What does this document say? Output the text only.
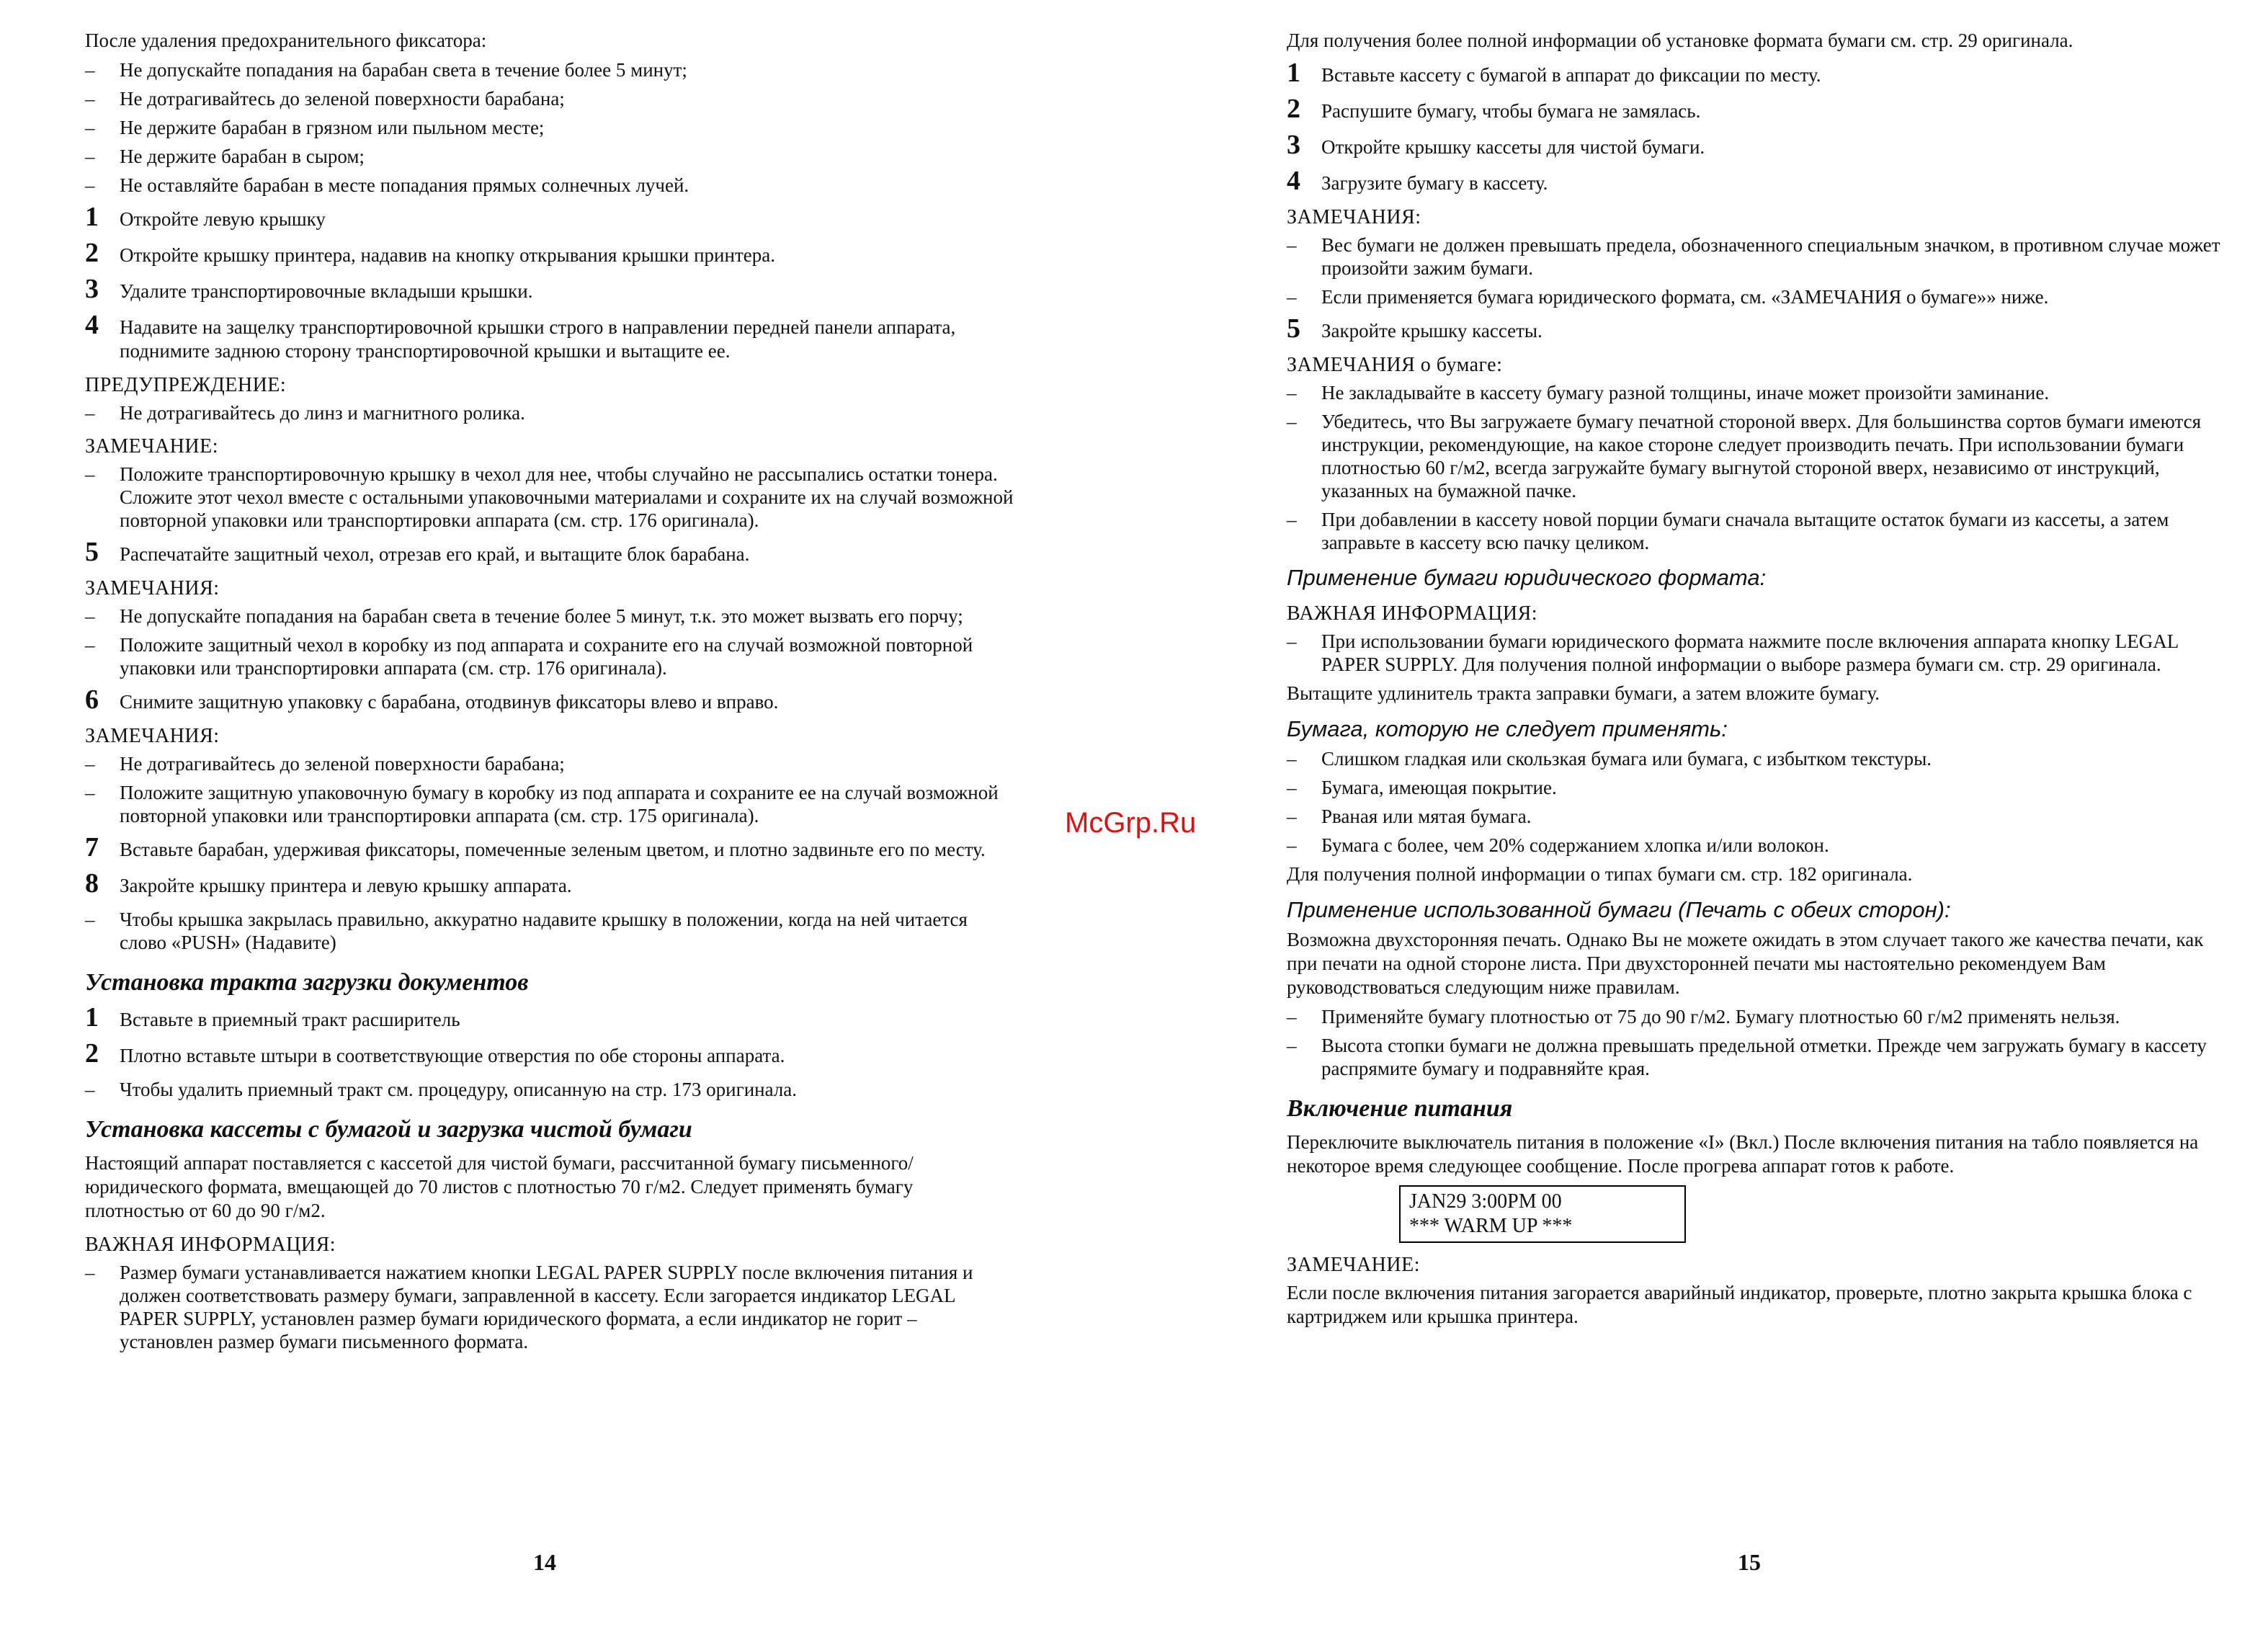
После удаления предохранительного фиксатора:
–	Не допускайте попадания на барабан света в течение более 5 минут;
–	Не дотрагивайтесь до зеленой поверхности барабана;
–	Не держите барабан в грязном или пыльном месте;
–	Не держите барабан в сыром;
–	Не оставляйте барабан в месте попадания прямых солнечных лучей.
1	Откройте левую крышку
2	Откройте крышку принтера, надавив на кнопку открывания крышки принтера.
3	Удалите транспортировочные вкладыши крышки.
4	Надавите на защелку транспортировочной крышки строго в направлении передней панели аппарата, поднимите заднюю сторону транспортировочной крышки и вытащите ее.
ПРЕДУПРЕЖДЕНИЕ:
–	Не дотрагивайтесь до линз и магнитного ролика.
ЗАМЕЧАНИЕ:
–	Положите транспортировочную крышку в чехол для нее, чтобы случайно не рассыпались остатки тонера. Сложите этот чехол вместе с остальными упаковочными материалами и сохраните их на случай возможной повторной упаковки или транспортировки аппарата (см. стр. 176 оригинала).
5	Распечатайте защитный чехол, отрезав его край, и вытащите блок барабана.
ЗАМЕЧАНИЯ:
–	Не допускайте попадания на барабан света в течение более 5 минут, т.к. это может вызвать его порчу;
–	Положите защитный чехол в коробку из под аппарата и сохраните его на случай возможной повторной упаковки или транспортировки аппарата (см. стр. 176 оригинала).
6	Снимите защитную упаковку с барабана, отодвинув фиксаторы влево и вправо.
ЗАМЕЧАНИЯ:
–	Не дотрагивайтесь до зеленой поверхности барабана;
–	Положите защитную упаковочную бумагу в коробку из под аппарата и сохраните ее на случай возможной повторной упаковки или транспортировки аппарата (см. стр. 175 оригинала).
7	Вставьте барабан, удерживая фиксаторы, помеченные зеленым цветом, и плотно задвиньте его по месту.
8	Закройте крышку принтера и левую крышку аппарата.
–	Чтобы крышка закрылась правильно, аккуратно надавите крышку в положении, когда на ней читается слово «PUSH» (Надавите)
Установка тракта загрузки документов
1	Вставьте в приемный тракт расширитель
2	Плотно вставьте штыри в соответствующие отверстия по обе стороны аппарата.
–	Чтобы удалить приемный тракт см. процедуру, описанную на стр. 173 оригинала.
Установка кассеты с бумагой и загрузка чистой бумаги
Настоящий аппарат поставляется с кассетой для чистой бумаги, рассчитанной бумагу письменного/юридического формата, вмещающей до 70 листов с плотностью 70 г/м2. Следует применять бумагу плотностью от 60 до 90 г/м2.
ВАЖНАЯ ИНФОРМАЦИЯ:
–	Размер бумаги устанавливается нажатием кнопки LEGAL PAPER SUPPLY после включения питания и должен соответствовать размеру бумаги, заправленной в кассету. Если загорается индикатор LEGAL PAPER SUPPLY, установлен размер бумаги юридического формата, а если индикатор не горит – установлен размер бумаги письменного формата.
14
McGrp.Ru
Для получения более полной информации об установке формата бумаги см. стр. 29 оригинала.
1	Вставьте кассету с бумагой в аппарат до фиксации по месту.
2	Распушите бумагу, чтобы бумага не замялась.
3	Откройте крышку кассеты для чистой бумаги.
4	Загрузите бумагу в кассету.
ЗАМЕЧАНИЯ:
–	Вес бумаги не должен превышать предела, обозначенного специальным значком, в противном случае может произойти зажим бумаги.
–	Если применяется бумага юридического формата, см. «ЗАМЕЧАНИЯ о бумаге»» ниже.
5	Закройте крышку кассеты.
ЗАМЕЧАНИЯ о бумаге:
–	Не закладывайте в кассету бумагу разной толщины, иначе может произойти заминание.
–	Убедитесь, что Вы загружаете бумагу печатной стороной вверх. Для большинства сортов бумаги имеются инструкции, рекомендующие, на какое стороне следует производить печать. При использовании бумаги плотностью 60 г/м2, всегда загружайте бумагу выгнутой стороной вверх, независимо от инструкций, указанных на бумажной пачке.
–	При добавлении в кассету новой порции бумаги сначала вытащите остаток бумаги из кассеты, а затем заправьте в кассету всю пачку целиком.
Применение бумаги юридического формата:
ВАЖНАЯ ИНФОРМАЦИЯ:
–	При использовании бумаги юридического формата нажмите после включения аппарата кнопку LEGAL PAPER SUPPLY. Для получения полной информации о выборе размера бумаги см. стр. 29 оригинала.
Вытащите удлинитель тракта заправки бумаги, а затем вложите бумагу.
Бумага, которую не следует применять:
–	Слишком гладкая или скользкая бумага или бумага, с избытком текстуры.
–	Бумага, имеющая покрытие.
–	Рваная или мятая бумага.
–	Бумага с более, чем 20% содержанием хлопка и/или волокон.
Для получения полной информации о типах бумаги см. стр. 182 оригинала.
Применение использованной бумаги (Печать с обеих сторон):
Возможна двухсторонняя печать. Однако Вы не можете ожидать в этом случает такого же качества печати, как при печати на одной стороне листа. При двухсторонней печати мы настоятельно рекомендуем Вам руководствоваться следующим ниже правилам.
–	Применяйте бумагу плотностью от 75 до 90 г/м2. Бумагу плотностью 60 г/м2 применять нельзя.
–	Высота стопки бумаги не должна превышать предельной отметки. Прежде чем загружать бумагу в кассету распрямите бумагу и подравняйте края.
Включение питания
Переключите выключатель питания в положение «I» (Вкл.) После включения питания на табло появляется на некоторое время следующее сообщение. После прогрева аппарат готов к работе.
JAN29 3:00PM 00
*** WARM UP ***
ЗАМЕЧАНИЕ:
Если после включения питания загорается аварийный индикатор, проверьте, плотно закрыта крышка блока с картриджем или крышка принтера.
15
